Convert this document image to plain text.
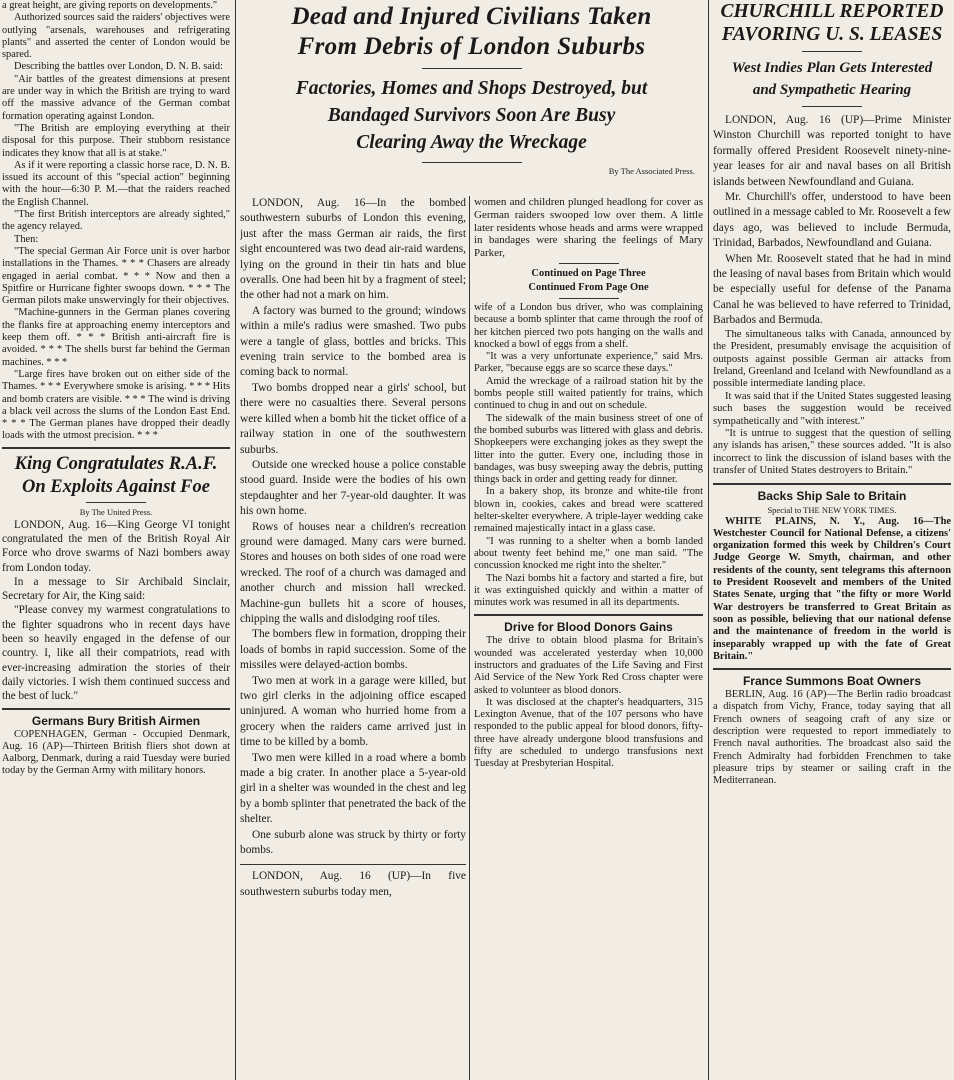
a great height, are giving reports on developments."

Authorized sources said the raiders' objectives were outlying "arsenals, warehouses and refrigerating plants" and asserted the center of London would be spared.

Describing the battles over London, D. N. B. said:

"Air battles of the greatest dimensions at present are under way in which the British are trying to ward off the massive advance of the German combat formation operating against London.

"The British are employing everything at their disposal for this purpose. Their stubborn resistance indicates they know that all is at stake."

As if it were reporting a classic horse race, D. N. B. issued its account of this "special action" beginning with the hour—6:30 P. M.—that the raiders reached the English Channel.

"The first British interceptors are already sighted," the agency relayed.

Then:

"The special German Air Force unit is over harbor installations in the Thames. * * * Chasers are already engaged in aerial combat. * * * Now and then a Spitfire or Hurricane fighter swoops down. * * * The German pilots make unswervingly for their objectives.

"Machine-gunners in the German planes covering the flanks fire at approaching enemy interceptors and keep them off. * * * British anti-aircraft fire is avoided. * * * The shells burst far behind the German machines. * * *

"Large fires have broken out on either side of the Thames. * * * Everywhere smoke is arising. * * * Hits and bomb craters are visible. * * * The wind is driving a black veil across the slums of the London East End. * * * The German planes have dropped their deadly loads with the utmost precision. * * *

King Congratulates R.A.F.

On Exploits Against Foe

By The United Press.

LONDON, Aug. 16—King George VI tonight congratulated the men of the British Royal Air Force who drove swarms of Nazi bombers away from London today.

In a message to Sir Archibald Sinclair, Secretary for Air, the King said:

"Please convey my warmest congratulations to the fighter squadrons who in recent days have been so heavily engaged in the defense of our country. I, like all their compatriots, read with ever-increasing admiration the stories of their daily victories. I wish them continued success and the best of luck."

Germans Bury British Airmen

COPENHAGEN, German - Occupied Denmark, Aug. 16 (AP)—Thirteen British fliers shot down at Aalborg, Denmark, during a raid Tuesday were buried today by the German Army with military honors.

Dead and Injured Civilians Taken

From Debris of London Suburbs

Factories, Homes and Shops Destroyed, but

Bandaged Survivors Soon Are Busy

Clearing Away the Wreckage

By The Associated Press.

LONDON, Aug. 16—In the bombed southwestern suburbs of London this evening, just after the mass German air raids, the first sight encountered was two dead air-raid wardens, lying on the ground in their tin hats and blue overalls. One had been hit by a fragment of steel; the other had not a mark on him.

A factory was burned to the ground; windows within a mile's radius were smashed. Two pubs were a tangle of glass, bottles and bricks. This evening train service to the bombed area is coming back to normal.

Two bombs dropped near a girls' school, but there were no casualties there. Several persons were killed when a bomb hit the ticket office of a railway station in one of the southwestern suburbs.

Outside one wrecked house a police constable stood guard. Inside were the bodies of his own stepdaughter and her 7-year-old daughter. It was his own home.

Rows of houses near a children's recreation ground were damaged. Many cars were burned. Stores and houses on both sides of one road were wrecked. The roof of a church was damaged and another church and mission hall wrecked. Machine-gun bullets hit a score of houses, chipping the walls and dislodging roof tiles.

The bombers flew in formation, dropping their loads of bombs in rapid succession. Some of the missiles were delayed-action bombs.

Two men at work in a garage were killed, but two girl clerks in the adjoining office escaped uninjured. A woman who hurried home from a grocery when the raiders came arrived just in time to be killed by a bomb.

Two men were killed in a road where a bomb made a big crater. In another place a 5-year-old girl in a shelter was wounded in the chest and leg by a bomb splinter that penetrated the back of the shelter.

One suburb alone was struck by thirty or forty bombs.

LONDON, Aug. 16 (UP)—In five southwestern suburbs today men,

women and children plunged headlong for cover as German raiders swooped low over them. A little later residents whose heads and arms were wrapped in bandages were sharing the feelings of Mary Parker,

Continued on Page Three

Continued From Page One

wife of a London bus driver, who was complaining because a bomb splinter that came through the roof of her kitchen pierced two pots hanging on the walls and knocked a bowl of eggs from a shelf.

"It was a very unfortunate experience," said Mrs. Parker, "because eggs are so scarce these days."

Amid the wreckage of a railroad station hit by the bombs people still waited patiently for trains, which continued to chug in and out on schedule.

The sidewalk of the main business street of one of the bombed suburbs was littered with glass and debris. Shopkeepers were exchanging jokes as they swept the litter into the gutter. Every one, including those in bandages, was busy sweeping away the debris, putting things back in order and getting ready for dinner.

In a bakery shop, its bronze and white-tile front blown in, cookies, cakes and bread were scattered helter-skelter everywhere. A triple-layer wedding cake remained majestically intact in a glass case.

"I was running to a shelter when a bomb landed about twenty feet behind me," one man said. "The concussion knocked me right into the shelter."

The Nazi bombs hit a factory and started a fire, but it was extinguished quickly and within a matter of minutes work was resumed in all its departments.

Drive for Blood Donors Gains

The drive to obtain blood plasma for Britain's wounded was accelerated yesterday when 10,000 instructors and graduates of the Life Saving and First Aid Service of the New York Red Cross chapter were asked to volunteer as blood donors.

It was disclosed at the chapter's headquarters, 315 Lexington Avenue, that of the 107 persons who have responded to the public appeal for blood donors, fifty-three have already undergone blood transfusions and fifty are scheduled to undergo transfusions next Tuesday at Presbyterian Hospital.

CHURCHILL REPORTED

FAVORING U. S. LEASES

West Indies Plan Gets Interested

and Sympathetic Hearing

LONDON, Aug. 16 (UP)—Prime Minister Winston Churchill was reported tonight to have formally offered President Roosevelt ninety-nine-year leases for air and naval bases on all British islands between Newfoundland and Guiana.

Mr. Churchill's offer, understood to have been outlined in a message cabled to Mr. Roosevelt a few days ago, was believed to include Bermuda, Trinidad, Barbados, Newfoundland and Guiana.

When Mr. Roosevelt stated that he had in mind the leasing of naval bases from Britain which would be especially useful for defense of the Panama Canal he was believed to have referred to Trinidad, Barbados and Bermuda.

The simultaneous talks with Canada, announced by the President, presumably envisage the acquisition of outposts against possible German air attacks from Ireland, Greenland and Iceland with Newfoundland as a possible intermediate landing place.

It was said that if the United States suggested leasing such bases the suggestion would be received sympathetically and "with interest."

"It is untrue to suggest that the question of selling any islands has arisen," these sources added. "It is also incorrect to link the discussion of island bases with the transfer of United States destroyers to Britain."

Backs Ship Sale to Britain

Special to THE NEW YORK TIMES.

WHITE PLAINS, N. Y., Aug. 16—The Westchester Council for National Defense, a citizens' organization formed this week by Children's Court Judge George W. Smyth, chairman, and other residents of the county, sent telegrams this afternoon to President Roosevelt and members of the United States Senate, urging that "the fifty or more World War destroyers be transferred to Great Britain as soon as possible, believing that our national defense and the maintenance of freedom in the world is inseparably wrapped up with the fate of Great Britain."

France Summons Boat Owners

BERLIN, Aug. 16 (AP)—The Berlin radio broadcast a dispatch from Vichy, France, today saying that all French owners of seagoing craft of any size or description were requested to report immediately to French naval authorities. The broadcast also said the French Admiralty had forbidden Frenchmen to take pleasure trips by steamer or sailing craft in the Mediterranean.
